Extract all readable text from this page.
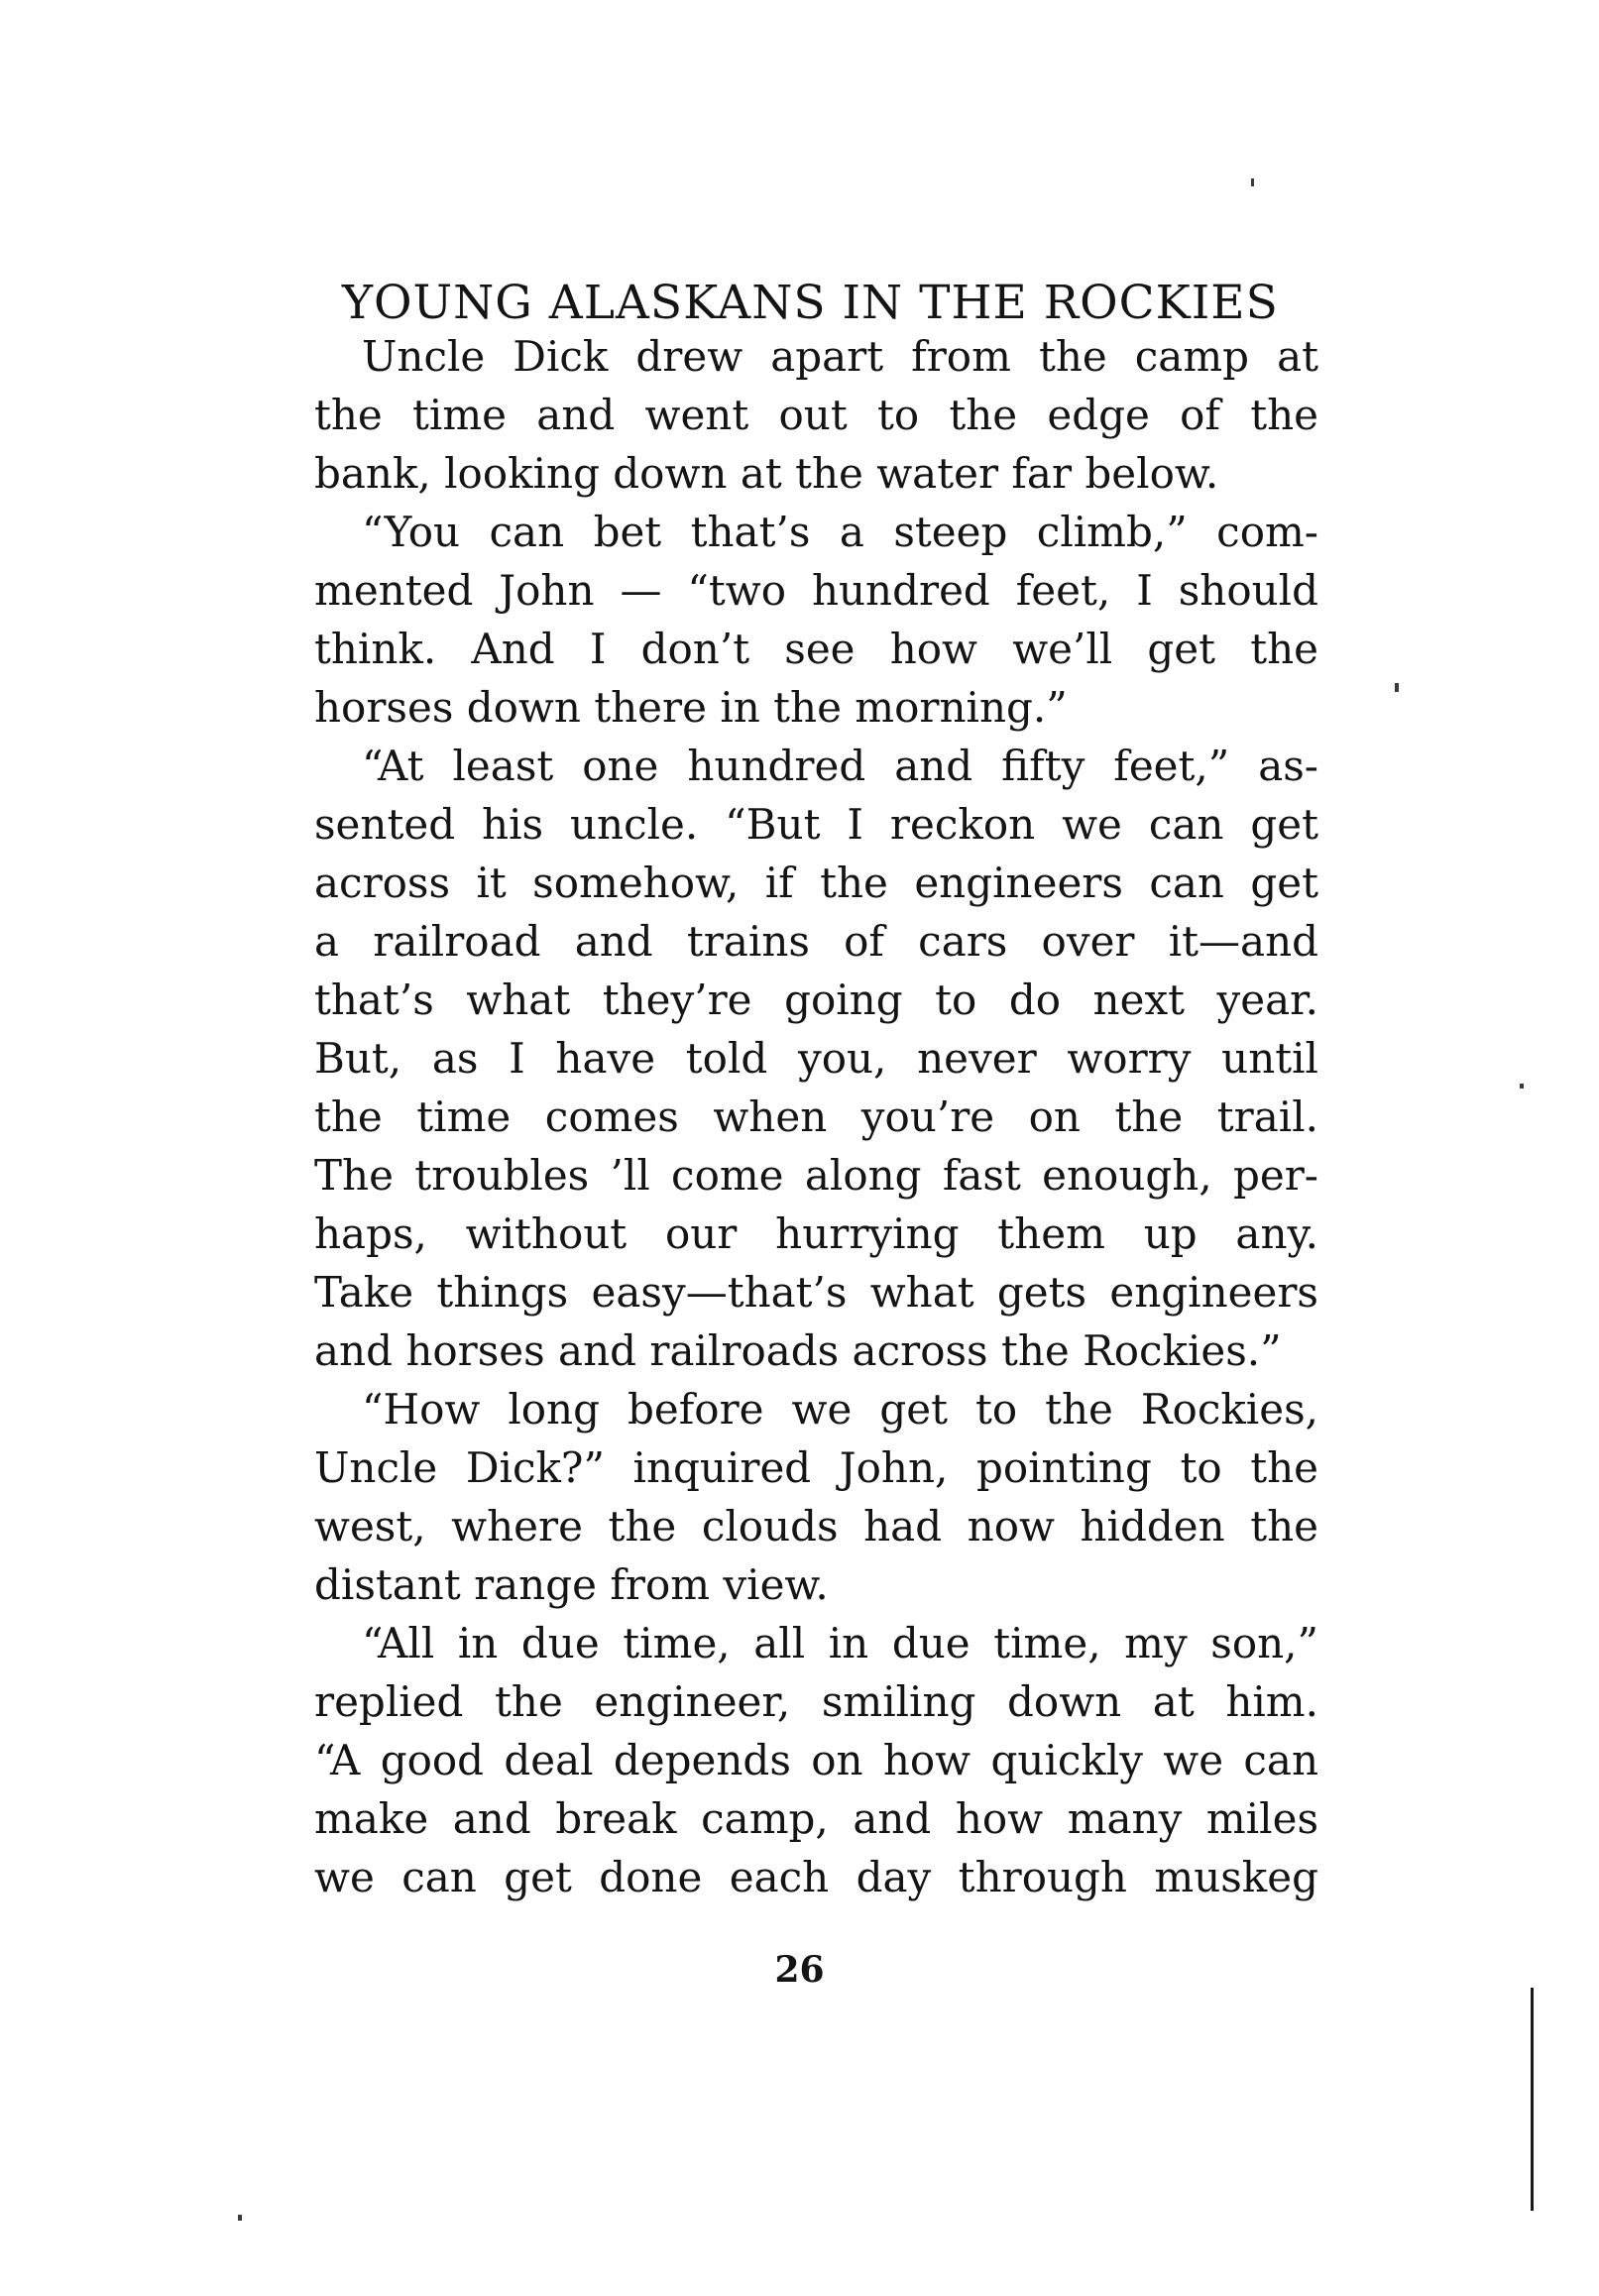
YOUNG ALASKANS IN THE ROCKIES
Uncle Dick drew apart from the camp at
the time and went out to the edge of the
bank, looking down at the water far below.
“You can bet that’s a steep climb,” com-
mented John — “two hundred feet, I should
think. And I don’t see how we’ll get the
horses down there in the morning.”
“At least one hundred and fifty feet,” as-
sented his uncle. “But I reckon we can get
across it somehow, if the engineers can get
a railroad and trains of cars over it—and
that’s what they’re going to do next year.
But, as I have told you, never worry until
the time comes when you’re on the trail.
The troubles ’ll come along fast enough, per-
haps, without our hurrying them up any.
Take things easy—that’s what gets engineers
and horses and railroads across the Rockies.”
“How long before we get to the Rockies,
Uncle Dick?” inquired John, pointing to the
west, where the clouds had now hidden the
distant range from view.
“All in due time, all in due time, my son,”
replied the engineer, smiling down at him.
“A good deal depends on how quickly we can
make and break camp, and how many miles
we can get done each day through muskeg
26
